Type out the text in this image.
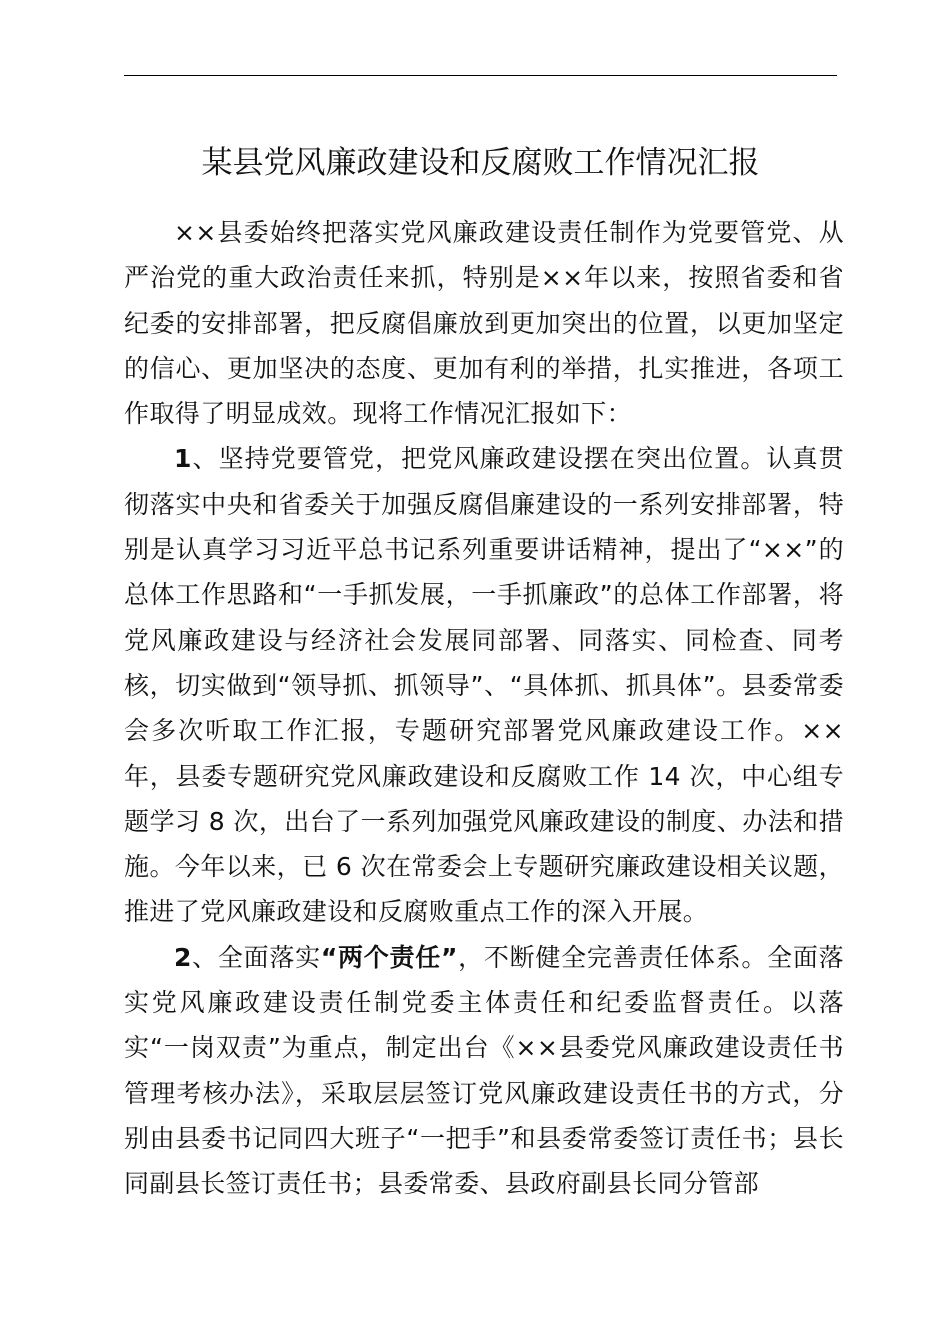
某县党风廉政建设和反腐败工作情况汇报

××县委始终把落实党风廉政建设责任制作为党要管党、从严治党的重大政治责任来抓，特别是××年以来，按照省委和省纪委的安排部署，把反腐倡廉放到更加突出的位置，以更加坚定的信心、更加坚决的态度、更加有利的举措，扎实推进，各项工作取得了明显成效。现将工作情况汇报如下：

1、坚持党要管党，把党风廉政建设摆在突出位置。认真贯彻落实中央和省委关于加强反腐倡廉建设的一系列安排部署，特别是认真学习习近平总书记系列重要讲话精神，提出了“××”的总体工作思路和“一手抓发展，一手抓廉政”的总体工作部署，将党风廉政建设与经济社会发展同部署、同落实、同检查、同考核，切实做到“领导抓、抓领导”、“具体抓、抓具体”。县委常委会多次听取工作汇报，专题研究部署党风廉政建设工作。××年，县委专题研究党风廉政建设和反腐败工作 14 次，中心组专题学习 8 次，出台了一系列加强党风廉政建设的制度、办法和措施。今年以来，已 6 次在常委会上专题研究廉政建设相关议题，推进了党风廉政建设和反腐败重点工作的深入开展。

2、全面落实“两个责任”，不断健全完善责任体系。全面落实党风廉政建设责任制党委主体责任和纪委监督责任。以落实“一岗双责”为重点，制定出台《××县委党风廉政建设责任书管理考核办法》，采取层层签订党风廉政建设责任书的方式，分别由县委书记同四大班子“一把手”和县委常委签订责任书；县长同副县长签订责任书；县委常委、县政府副县长同分管部
